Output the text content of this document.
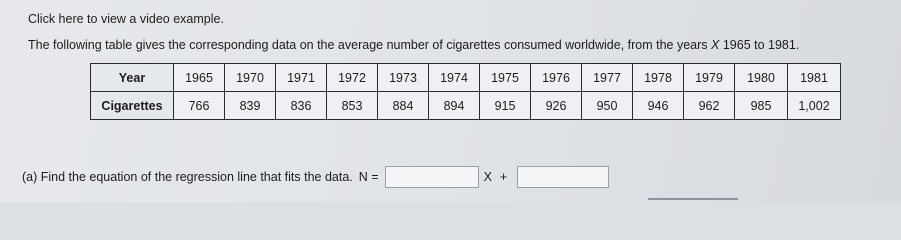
Click here to view a video example.
The following table gives the corresponding data on the average number of cigarettes consumed worldwide, from the years X 1965 to 1981.
Year	1965	1970	1971	1972	1973	1974	1975	1976	1977	1978	1979	1980	1981
Cigarettes	766	839	836	853	884	894	915	926	950	946	962	985	1,002
(a) Find the equation of the regression line that fits the data. N =	X +
